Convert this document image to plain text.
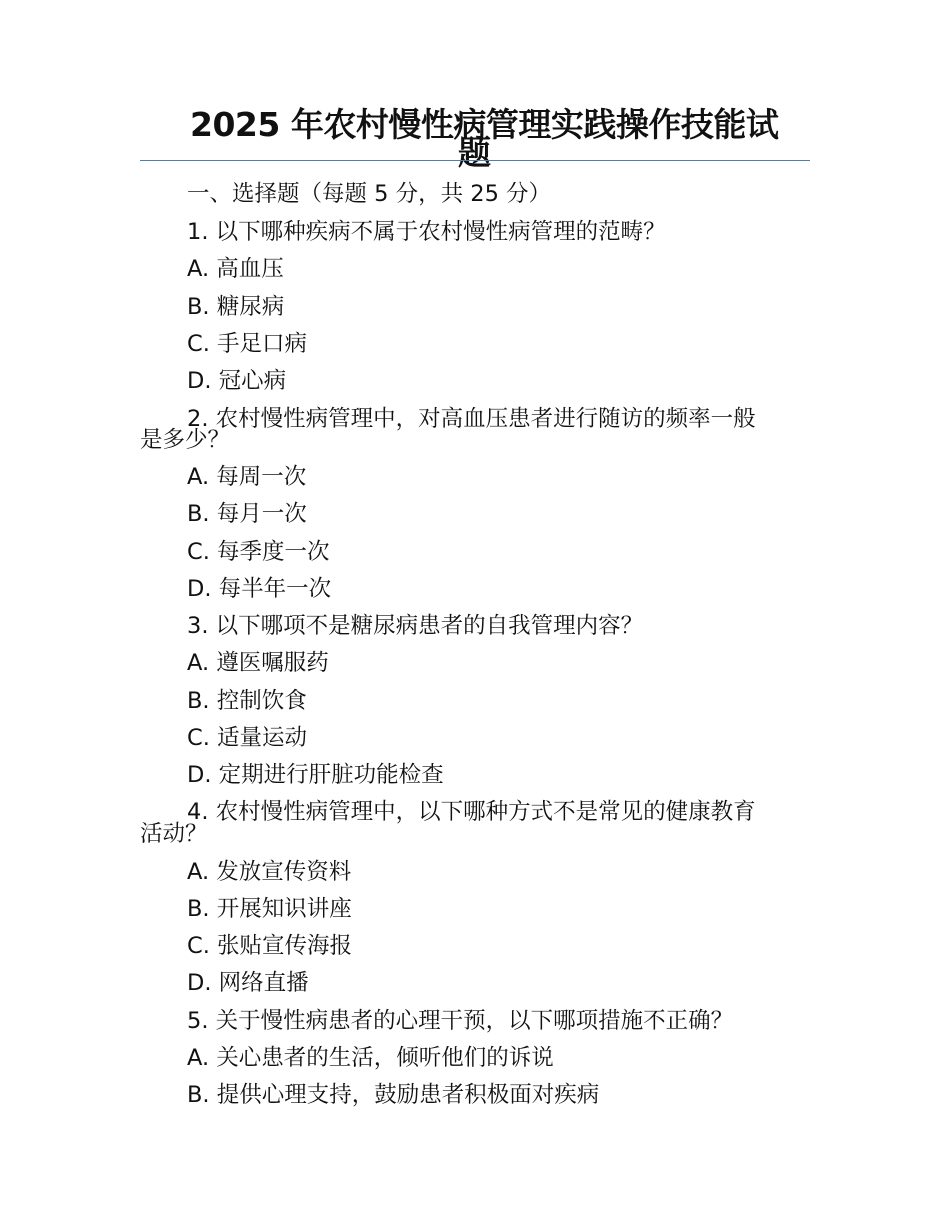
2025 年农村慢性病管理实践操作技能试
题
一、选择题（每题 5 分，共 25 分）
1. 以下哪种疾病不属于农村慢性病管理的范畴？
A. 高血压
B. 糖尿病
C. 手足口病
D. 冠心病
2. 农村慢性病管理中，对高血压患者进行随访的频率一般
是多少？
A. 每周一次
B. 每月一次
C. 每季度一次
D. 每半年一次
3. 以下哪项不是糖尿病患者的自我管理内容？
A. 遵医嘱服药
B. 控制饮食
C. 适量运动
D. 定期进行肝脏功能检查
4. 农村慢性病管理中，以下哪种方式不是常见的健康教育
活动？
A. 发放宣传资料
B. 开展知识讲座
C. 张贴宣传海报
D. 网络直播
5. 关于慢性病患者的心理干预，以下哪项措施不正确？
A. 关心患者的生活，倾听他们的诉说
B. 提供心理支持，鼓励患者积极面对疾病
